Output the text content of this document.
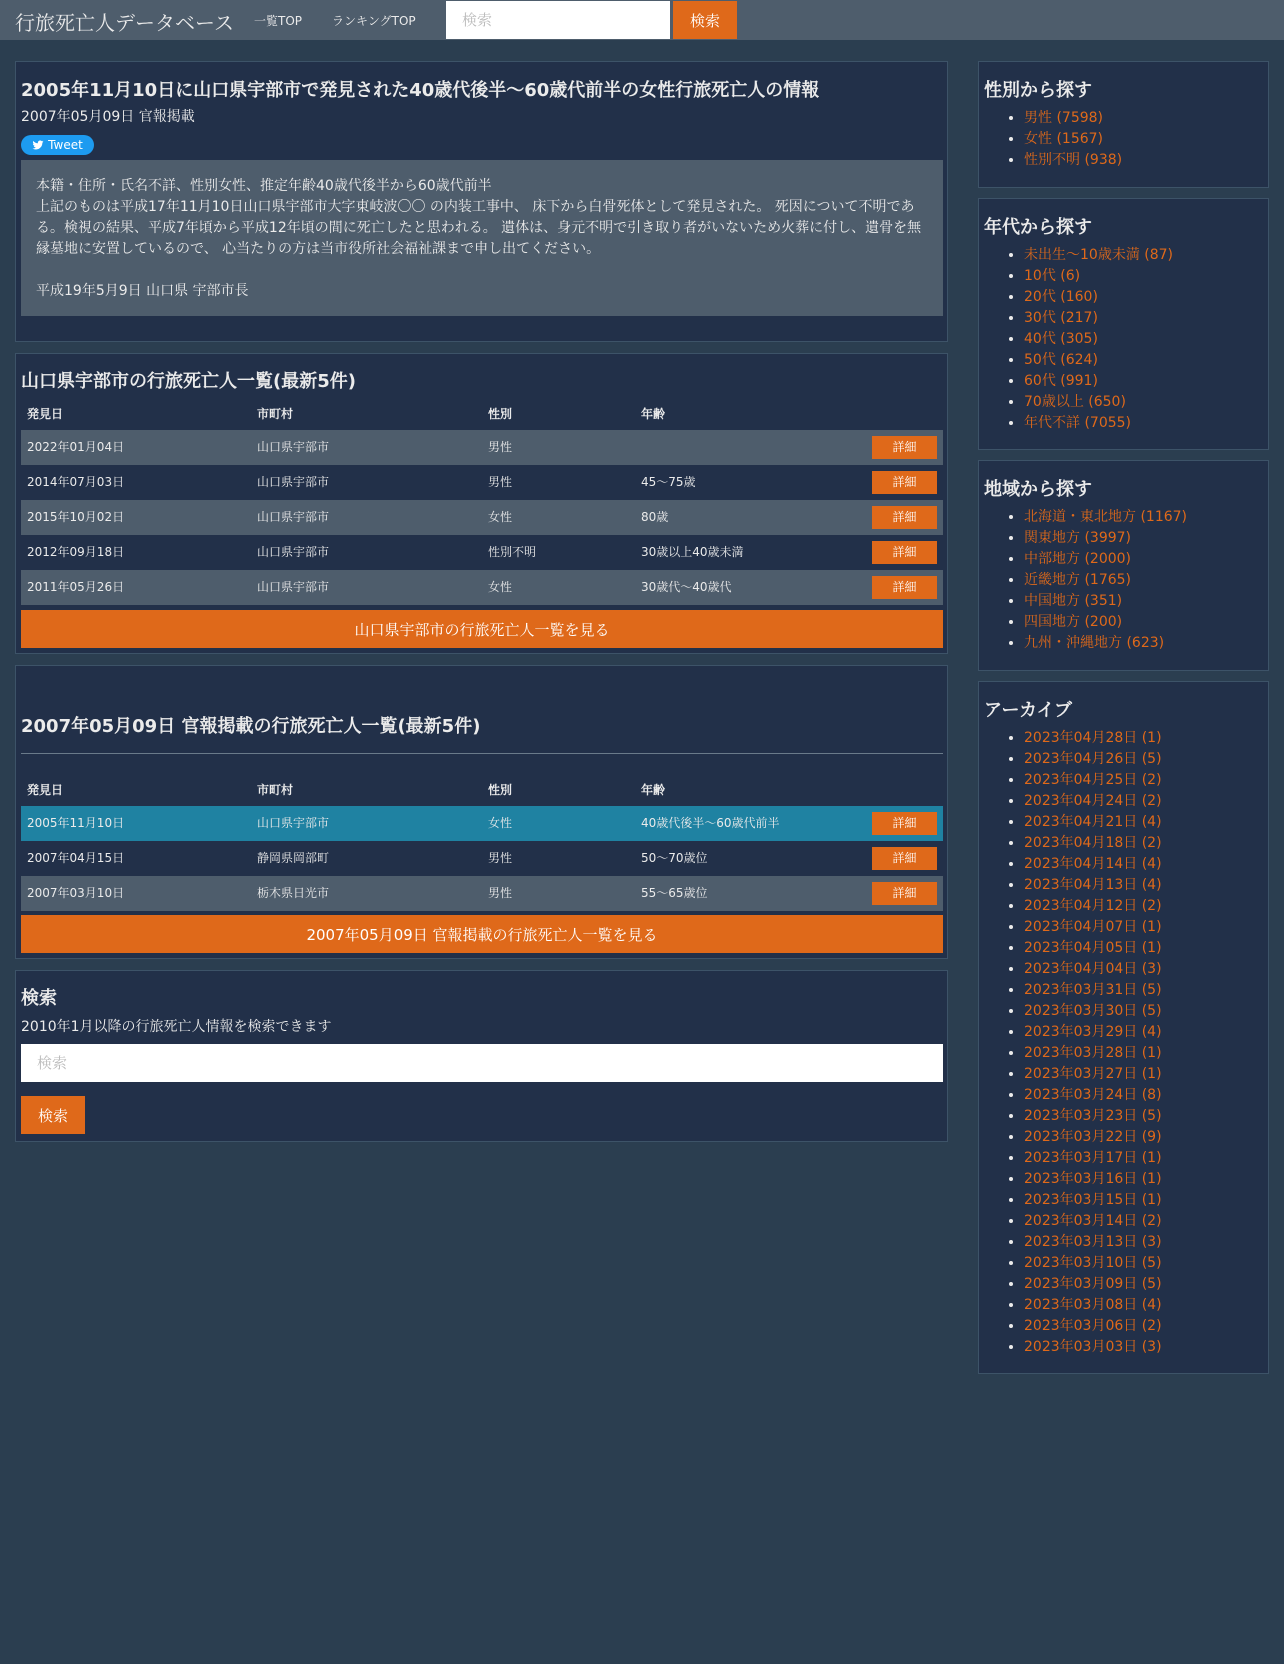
行旅死亡人データベース 一覧TOP ランキングTOP
検索	検索
2005年11月10日に山口県宇部市で発見された40歳代後半〜60歳代前半の女性行旅死亡人の情報
2007年05月09日 官報掲載
Tweet

本籍・住所・氏名不詳、性別女性、推定年齢40歳代後半から60歳代前半

上記のものは平成17年11月10日山口県宇部市大字東岐波〇〇 の内装工事中、 床下から白骨死体として発見された。 死因について不明である。検視の結果、平成7年頃から平成12年頃の間に死亡したと思われる。 遺体は、身元不明で引き取り者がいないため火葬に付し、遺骨を無縁墓地に安置しているので、 心当たりの方は当市役所社会福祉課まで申し出てください。

平成19年5月9日 山口県 宇部市長

山口県宇部市の行旅死亡人一覧(最新5件)
発見日	市町村	性別	年齢	
2022年01月04日	山口県宇部市	男性		詳細
2014年07月03日	山口県宇部市	男性	45〜75歳	詳細
2015年10月02日	山口県宇部市	女性	80歳	詳細
2012年09月18日	山口県宇部市	性別不明	30歳以上40歳未満	詳細
2011年05月26日	山口県宇部市	女性	30歳代〜40歳代	詳細
山口県宇部市の行旅死亡人一覧を見る
2007年05月09日 官報掲載の行旅死亡人一覧(最新5件)
発見日	市町村	性別	年齢	
2005年11月10日	山口県宇部市	女性	40歳代後半〜60歳代前半	詳細
2007年04月15日	静岡県岡部町	男性	50～70歳位	詳細
2007年03月10日	栃木県日光市	男性	55～65歳位	詳細
2007年05月09日 官報掲載の行旅死亡人一覧を見る
検索
2010年1月以降の行旅死亡人情報を検索できます
検索
検索
性別から探す
• 男性 (7598)
• 女性 (1567)
• 性別不明 (938)
年代から探す
• 未出生〜10歳未満 (87)
• 10代 (6)
• 20代 (160)
• 30代 (217)
• 40代 (305)
• 50代 (624)
• 60代 (991)
• 70歳以上 (650)
• 年代不詳 (7055)
地域から探す
• 北海道・東北地方 (1167)
• 関東地方 (3997)
• 中部地方 (2000)
• 近畿地方 (1765)
• 中国地方 (351)
• 四国地方 (200)
• 九州・沖縄地方 (623)
アーカイブ
• 2023年04月28日 (1)
• 2023年04月26日 (5)
• 2023年04月25日 (2)
• 2023年04月24日 (2)
• 2023年04月21日 (4)
• 2023年04月18日 (2)
• 2023年04月14日 (4)
• 2023年04月13日 (4)
• 2023年04月12日 (2)
• 2023年04月07日 (1)
• 2023年04月05日 (1)
• 2023年04月04日 (3)
• 2023年03月31日 (5)
• 2023年03月30日 (5)
• 2023年03月29日 (4)
• 2023年03月28日 (1)
• 2023年03月27日 (1)
• 2023年03月24日 (8)
• 2023年03月23日 (5)
• 2023年03月22日 (9)
• 2023年03月17日 (1)
• 2023年03月16日 (1)
• 2023年03月15日 (1)
• 2023年03月14日 (2)
• 2023年03月13日 (3)
• 2023年03月10日 (5)
• 2023年03月09日 (5)
• 2023年03月08日 (4)
• 2023年03月06日 (2)
• 2023年03月03日 (3)
